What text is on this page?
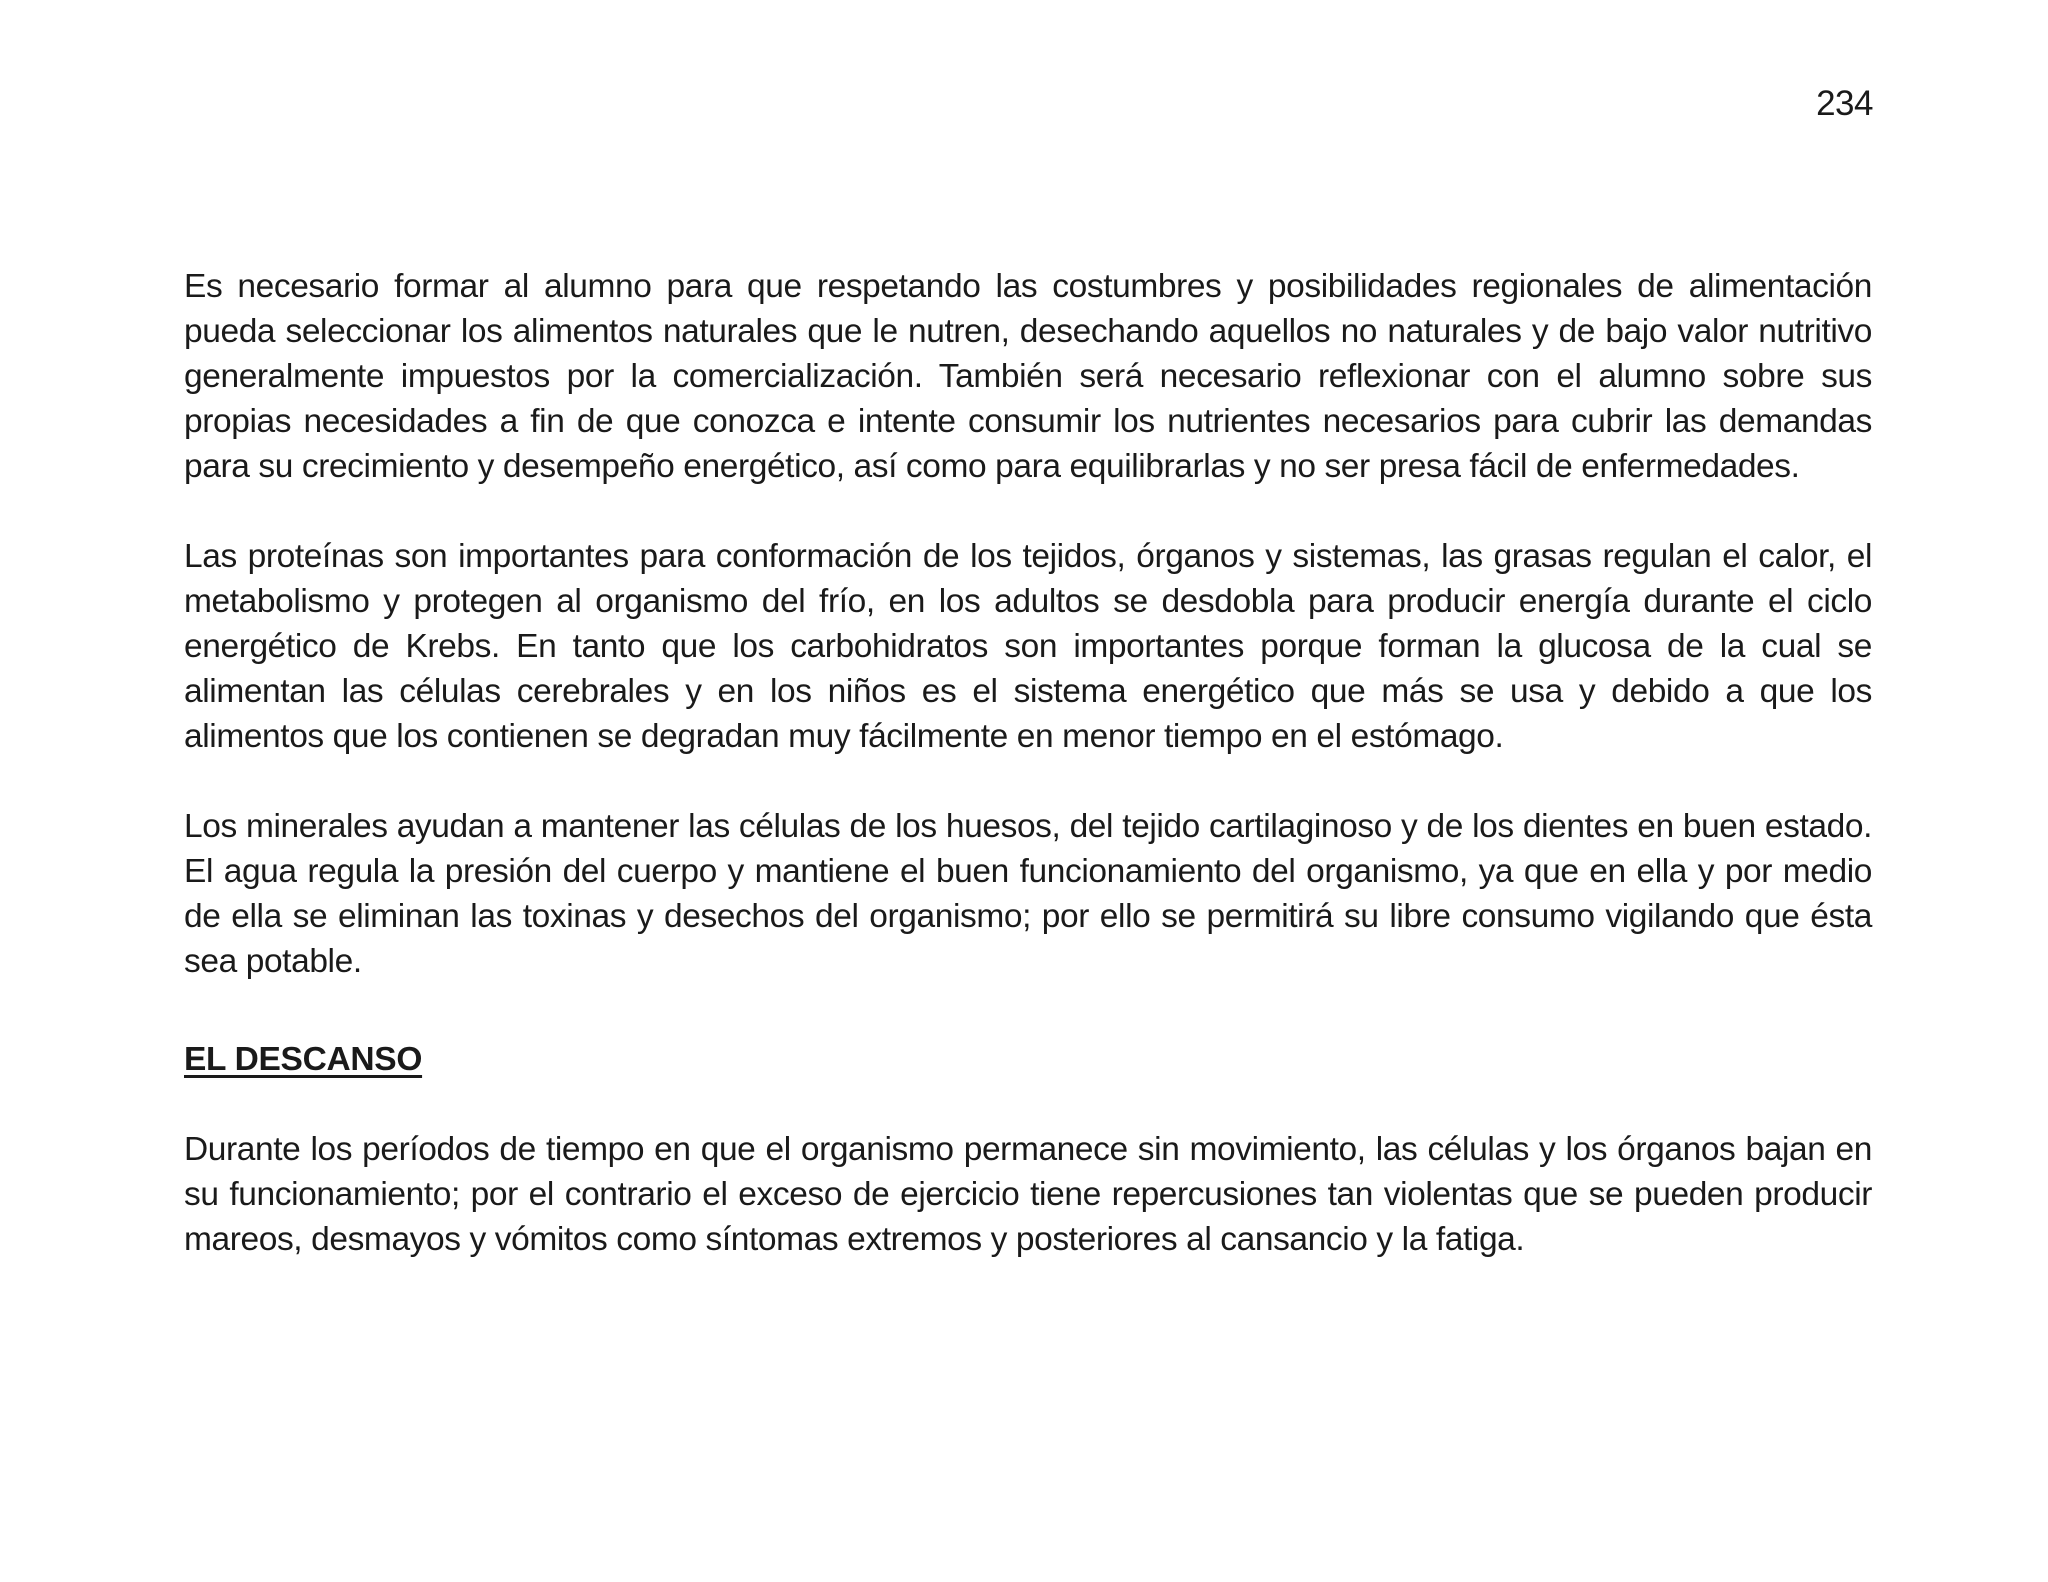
234

Es necesario formar al alumno para que respetando las costumbres y posibilidades regionales de alimentación pueda seleccionar los alimentos naturales que le nutren, desechando aquellos no naturales y de bajo valor nutritivo generalmente impuestos por la comercialización. También será necesario reflexionar con el alumno sobre sus propias necesidades a fin de que conozca e intente consumir los nutrientes necesarios para cubrir las demandas para su crecimiento y desempeño energético, así como para equilibrarlas y no ser presa fácil de enfermedades.

Las proteínas son importantes para conformación de los tejidos, órganos y sistemas, las grasas regulan el calor, el metabolismo y protegen al organismo del frío, en los adultos se desdobla para producir energía durante el ciclo energético de Krebs. En tanto que los carbohidratos son importantes porque forman la glucosa de la cual se alimentan las células cerebrales y en los niños es el sistema energético que más se usa y debido a que los alimentos que los contienen se degradan muy fácilmente en menor tiempo en el estómago.

Los minerales ayudan a mantener las células de los huesos, del tejido cartilaginoso y de los dientes en buen estado. El agua regula la presión del cuerpo y mantiene el buen funcionamiento del organismo, ya que en ella y por medio de ella se eliminan las toxinas y desechos del organismo; por ello se permitirá su libre consumo vigilando que ésta sea potable.

EL DESCANSO

Durante los períodos de tiempo en que el organismo permanece sin movimiento, las células y los órganos bajan en su funcionamiento; por el contrario el exceso de ejercicio tiene repercusiones tan violentas que se pueden producir mareos, desmayos y vómitos como síntomas extremos y posteriores al cansancio y la fatiga.
